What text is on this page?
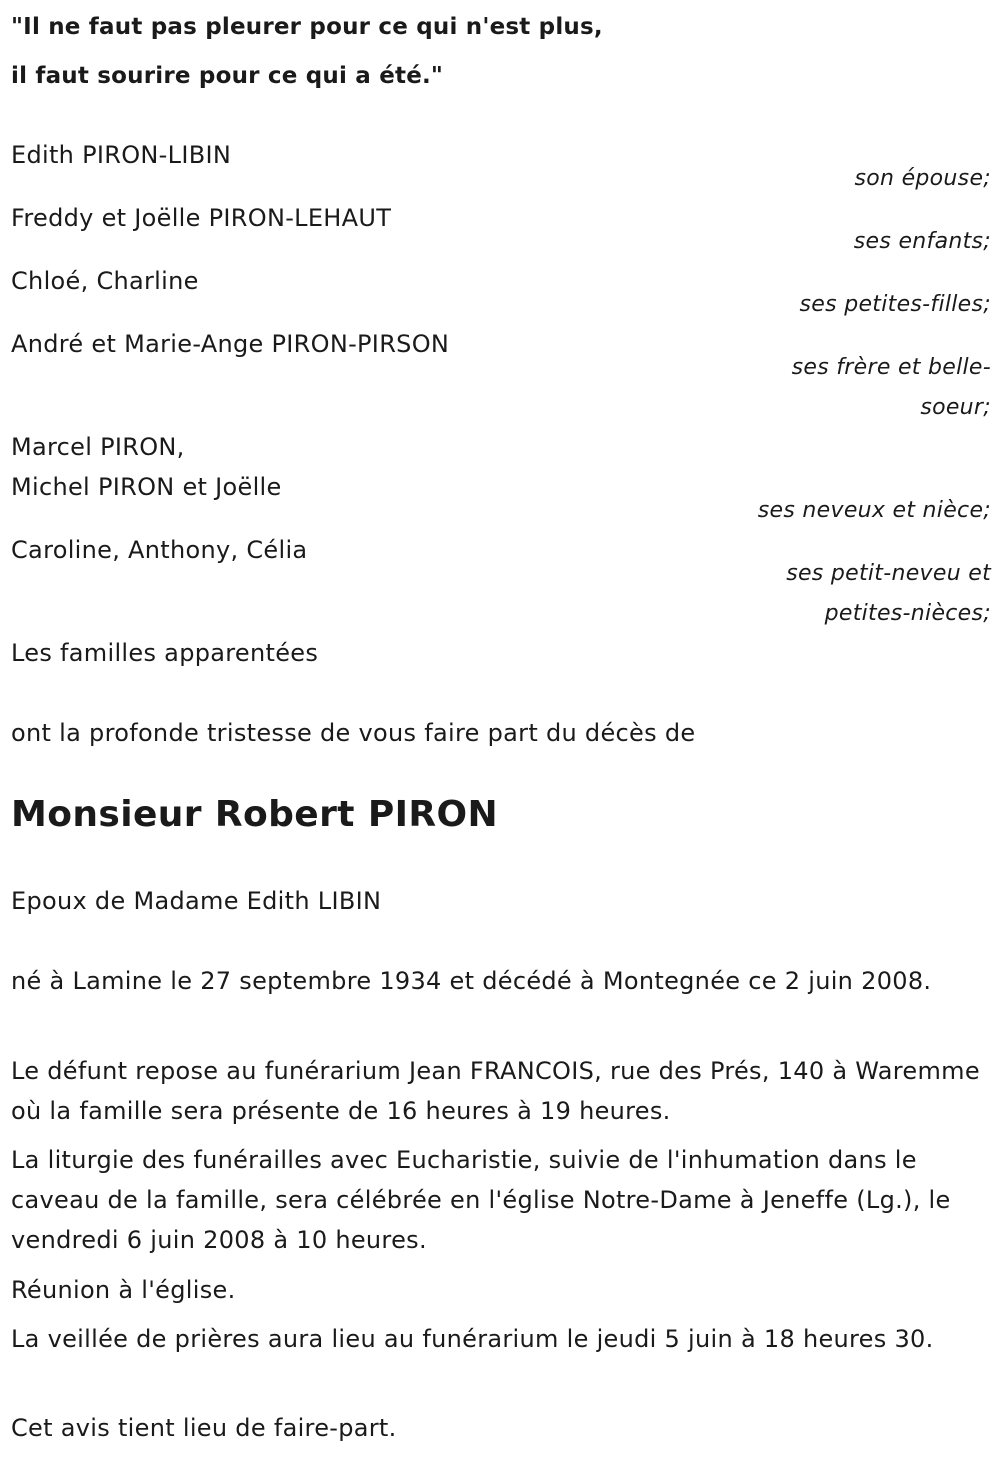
"Il ne faut pas pleurer pour ce qui n'est plus,
il faut sourire pour ce qui a été."
Edith PIRON-LIBIN
son épouse;
Freddy et Joëlle PIRON-LEHAUT
ses enfants;
Chloé, Charline
ses petites-filles;
André et Marie-Ange PIRON-PIRSON
ses frère et belle-
soeur;
Marcel PIRON,
Michel PIRON et Joëlle
ses neveux et nièce;
Caroline, Anthony, Célia
ses petit-neveu et
petites-nièces;
Les familles apparentées
ont la profonde tristesse de vous faire part du décès de
Monsieur Robert PIRON
Epoux de Madame Edith LIBIN
né à Lamine le 27 septembre 1934 et décédé à Montegnée ce 2 juin 2008.
Le défunt repose au funérarium Jean FRANCOIS, rue des Prés, 140 à Waremme où la famille sera présente de 16 heures à 19 heures.
La liturgie des funérailles avec Eucharistie, suivie de l'inhumation dans le caveau de la famille, sera célébrée en l'église Notre-Dame à Jeneffe (Lg.), le vendredi 6 juin 2008 à 10 heures.
Réunion à l'église.
La veillée de prières aura lieu au funérarium le jeudi 5 juin à 18 heures 30.
Cet avis tient lieu de faire-part.
